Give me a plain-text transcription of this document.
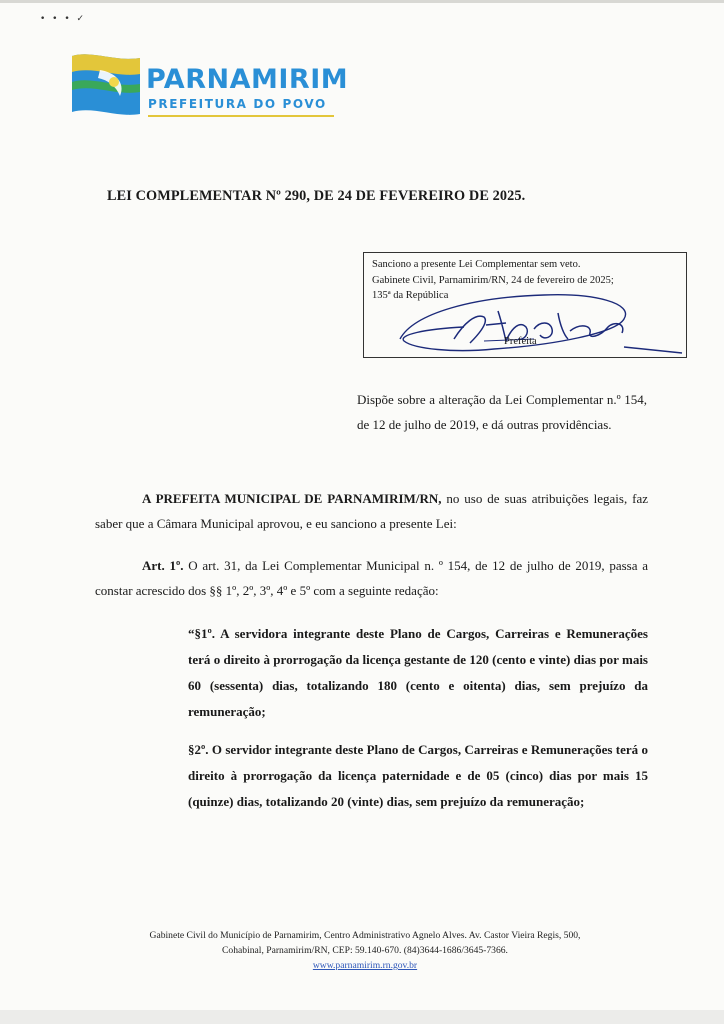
• • • ✓
PARNAMIRIM
PREFEITURA DO POVO
LEI COMPLEMENTAR Nº 290, DE 24 DE FEVEREIRO DE 2025.
Sanciono a presente Lei Complementar sem veto.
Gabinete Civil, Parnamirim/RN, 24 de fevereiro de 2025;
135ª da República
Prefeita
Dispõe sobre a alteração da Lei Complementar n.º 154, de 12 de julho de 2019, e dá outras providências.
A PREFEITA MUNICIPAL DE PARNAMIRIM/RN, no uso de suas atribuições legais, faz saber que a Câmara Municipal aprovou, e eu sanciono a presente Lei:
Art. 1º. O art. 31, da Lei Complementar Municipal n. º 154, de 12 de julho de 2019, passa a constar acrescido dos §§ 1º, 2º, 3º, 4º e 5º com a seguinte redação:
“§1º. A servidora integrante deste Plano de Cargos, Carreiras e Remunerações terá o direito à prorrogação da licença gestante de 120 (cento e vinte) dias por mais 60 (sessenta) dias, totalizando 180 (cento e oitenta) dias, sem prejuízo da remuneração;
§2º. O servidor integrante deste Plano de Cargos, Carreiras e Remunerações terá o direito à prorrogação da licença paternidade e de 05 (cinco) dias por mais 15 (quinze) dias, totalizando 20 (vinte) dias, sem prejuízo da remuneração;
Gabinete Civil do Município de Parnamirim, Centro Administrativo Agnelo Alves. Av. Castor Vieira Regis, 500,
Cohabinal, Parnamirim/RN, CEP: 59.140-670. (84)3644-1686/3645-7366.
www.parnamirim.rn.gov.br
